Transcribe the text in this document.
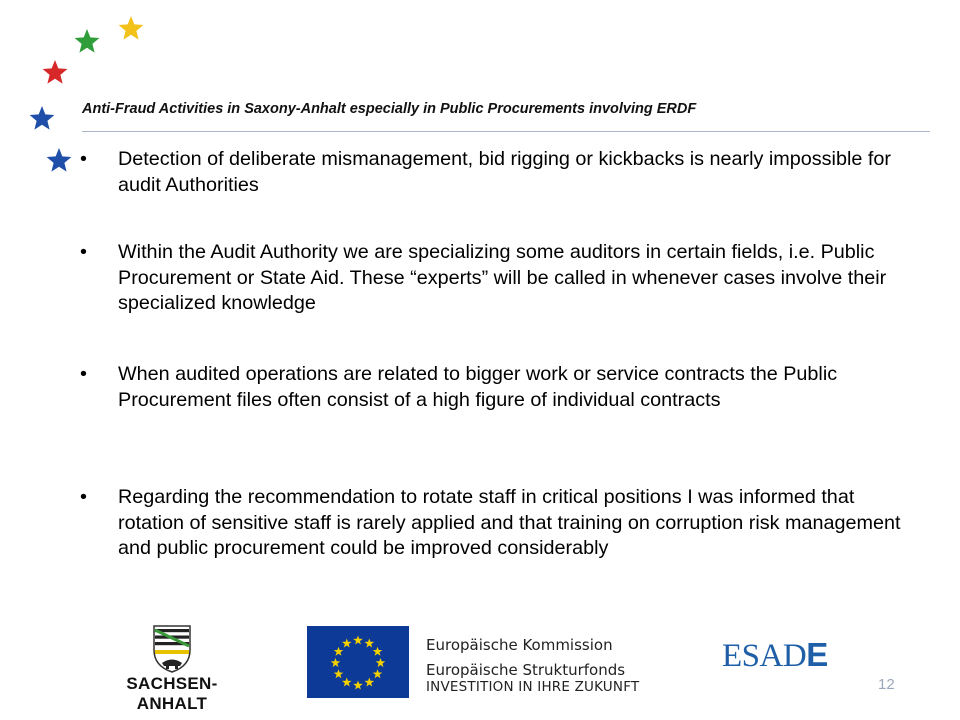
Anti-Fraud Activities in Saxony-Anhalt especially in Public Procurements involving ERDF
• Detection of deliberate mismanagement, bid rigging or kickbacks is nearly impossible for audit Authorities
• Within the Audit Authority we are specializing some auditors in certain fields, i.e. Public Procurement or State Aid. These “experts” will be called in whenever cases involve their specialized knowledge
• When audited operations are related to bigger work or service contracts the Public Procurement files often consist of a high figure of individual contracts
• Regarding the recommendation to rotate staff in critical positions I was informed that rotation of sensitive staff is rarely applied and that training on corruption risk management and public procurement could be improved considerably
SACHSEN-ANHALT
Europäische Kommission
Europäische Strukturfonds
INVESTITION IN IHRE ZUKUNFT
ESADE
12
